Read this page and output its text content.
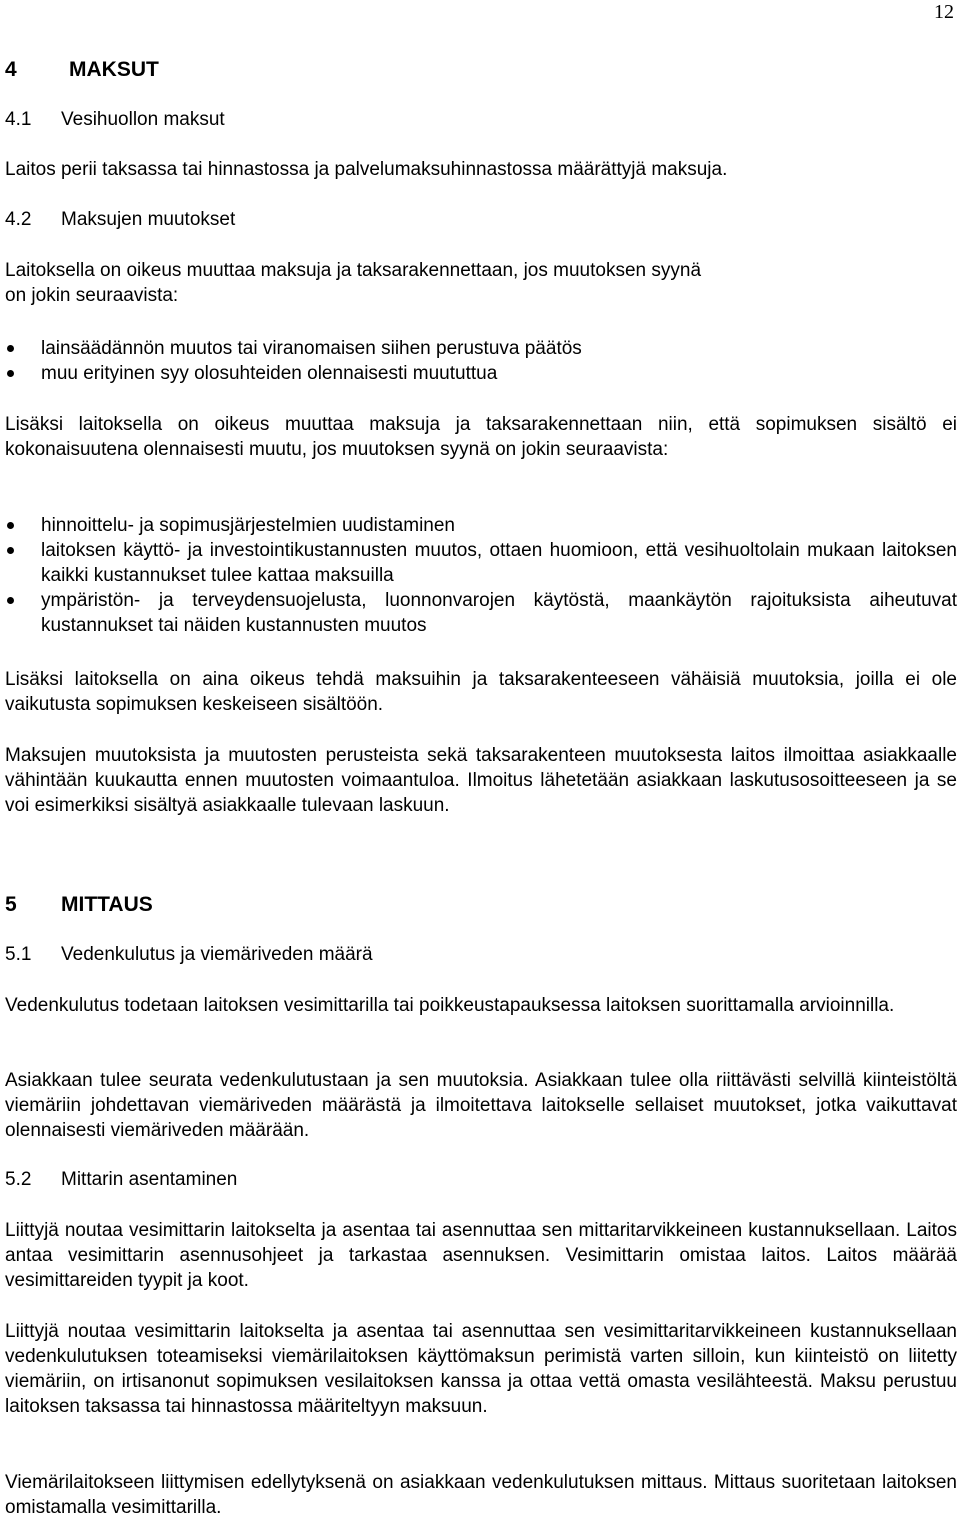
12
4 MAKSUT
4.1 Vesihuollon maksut
Laitos perii taksassa tai hinnastossa ja palvelumaksuhinnastossa määrättyjä maksuja.
4.2 Maksujen muutokset
Laitoksella on oikeus muuttaa maksuja ja taksarakennettaan, jos muutoksen syynä on jokin seuraavista:
lainsäädännön muutos tai viranomaisen siihen perustuva päätös
muu erityinen syy olosuhteiden olennaisesti muututtua
Lisäksi laitoksella on oikeus muuttaa maksuja ja taksarakennettaan niin, että sopimuksen sisältö ei kokonaisuutena olennaisesti muutu, jos muutoksen syynä on jokin seuraavista:
hinnoittelu- ja sopimusjärjestelmien uudistaminen
laitoksen käyttö- ja investointikustannusten muutos, ottaen huomioon, että vesihuoltolain mukaan laitoksen kaikki kustannukset tulee kattaa maksuilla
ympäristön- ja terveydensuojelusta, luonnonvarojen käytöstä, maankäytön rajoituksista aiheutuvat kustannukset tai näiden kustannusten muutos
Lisäksi laitoksella on aina oikeus tehdä maksuihin ja taksarakenteeseen vähäisiä muutoksia, joilla ei ole vaikutusta sopimuksen keskeiseen sisältöön.
Maksujen muutoksista ja muutosten perusteista sekä taksarakenteen muutoksesta laitos ilmoittaa asiakkaalle vähintään kuukautta ennen muutosten voimaantuloa. Ilmoitus lähetetään asiakkaan laskutusosoitteeseen ja se voi esimerkiksi sisältyä asiakkaalle tulevaan laskuun.
5 MITTAUS
5.1 Vedenkulutus ja viemäriveden määrä
Vedenkulutus todetaan laitoksen vesimittarilla tai poikkeustapauksessa laitoksen suorittamalla arvioinnilla.
Asiakkaan tulee seurata vedenkulutustaan ja sen muutoksia. Asiakkaan tulee olla riittävästi selvillä kiinteistöltä viemäriin johdettavan viemäriveden määrästä ja ilmoitettava laitokselle sellaiset muutokset, jotka vaikuttavat olennaisesti viemäriveden määrään.
5.2 Mittarin asentaminen
Liittyjä noutaa vesimittarin laitokselta ja asentaa tai asennuttaa sen mittaritarvikkeineen kustannuksellaan. Laitos antaa vesimittarin asennusohjeet ja tarkastaa asennuksen. Vesimittarin omistaa laitos. Laitos määrää vesimittareiden tyypit ja koot.
Liittyjä noutaa vesimittarin laitokselta ja asentaa tai asennuttaa sen vesimittaritarvikkeineen kustannuksellaan vedenkulutuksen toteamiseksi viemärilaitoksen käyttömaksun perimistä varten silloin, kun kiinteistö on liitetty viemäriin, on irtisanonut sopimuksen vesilaitoksen kanssa ja ottaa vettä omasta vesilähteestä. Maksu perustuu laitoksen taksassa tai hinnastossa määriteltyyn maksuun.
Viemärilaitokseen liittymisen edellytyksenä on asiakkaan vedenkulutuksen mittaus. Mittaus suoritetaan laitoksen omistamalla vesimittarilla.
